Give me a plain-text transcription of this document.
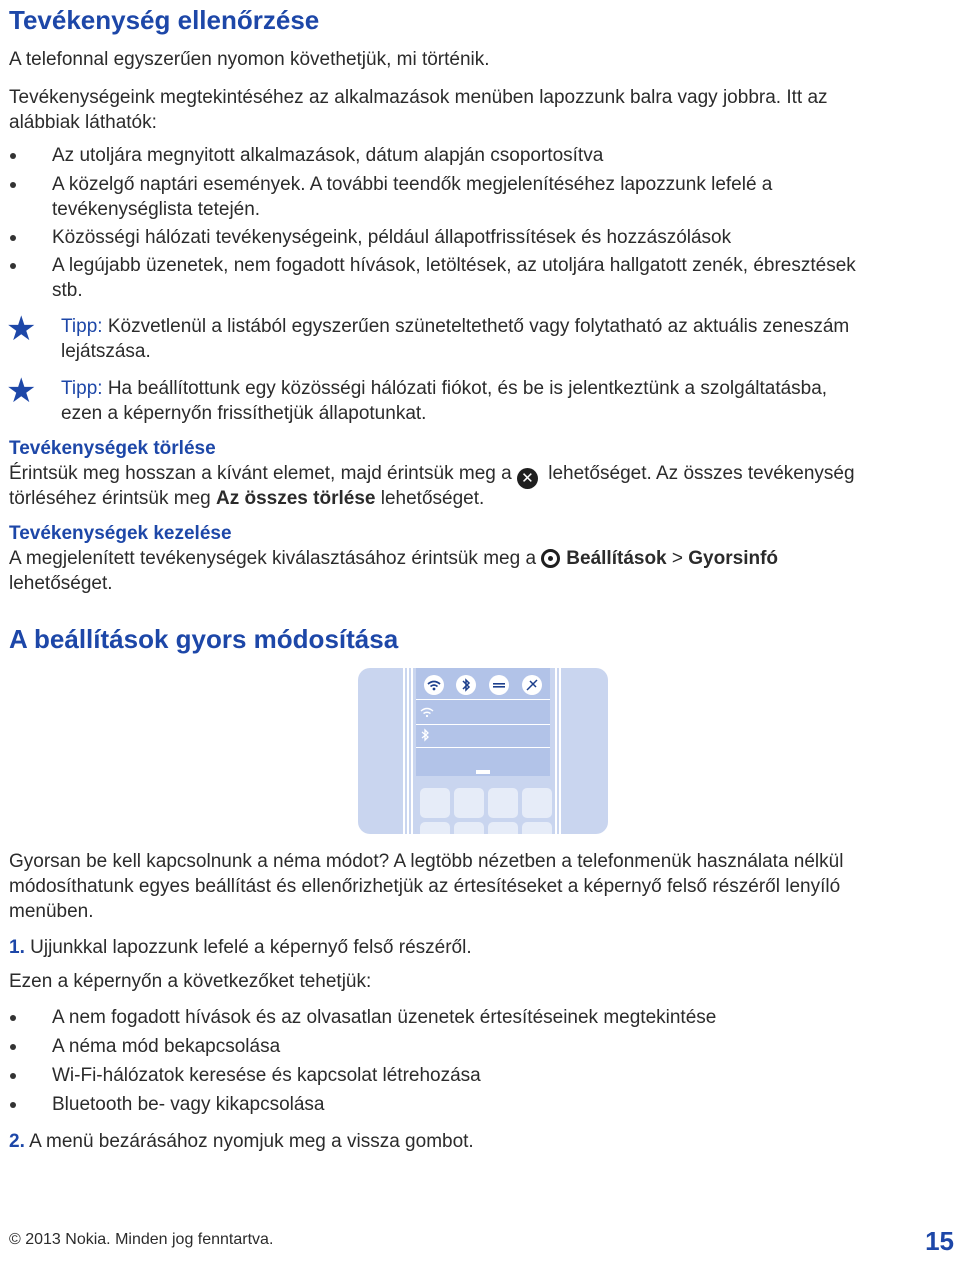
Tevékenység ellenőrzése
A telefonnal egyszerűen nyomon követhetjük, mi történik.
Tevékenységeink megtekintéséhez az alkalmazások menüben lapozzunk balra vagy jobbra. Itt az
alábbiak láthatók:
Az utoljára megnyitott alkalmazások, dátum alapján csoportosítva
A közelgő naptári események. A további teendők megjelenítéséhez lapozzunk lefelé a
tevékenységlista tetején.
Közösségi hálózati tevékenységeink, például állapotfrissítések és hozzászólások
A legújabb üzenetek, nem fogadott hívások, letöltések, az utoljára hallgatott zenék, ébresztések
stb.
★ Tipp: Közvetlenül a listából egyszerűen szüneteltethető vagy folytatható az aktuális zeneszám
lejátszása.
★ Tipp: Ha beállítottunk egy közösségi hálózati fiókot, és be is jelentkeztünk a szolgáltatásba,
ezen a képernyőn frissíthetjük állapotunkat.
Tevékenységek törlése
Érintsük meg hosszan a kívánt elemet, majd érintsük meg a ✕ lehetőséget. Az összes tevékenység
törléséhez érintsük meg Az összes törlése lehetőséget.
Tevékenységek kezelése
A megjelenített tevékenységek kiválasztásához érintsük meg a Beállítások > Gyorsinfó
lehetőséget.
A beállítások gyors módosítása
Gyorsan be kell kapcsolnunk a néma módot? A legtöbb nézetben a telefonmenük használata nélkül
módosíthatunk egyes beállítást és ellenőrizhetjük az értesítéseket a képernyő felső részéről lenyíló
menüben.
1. Ujjunkkal lapozzunk lefelé a képernyő felső részéről.
Ezen a képernyőn a következőket tehetjük:
A nem fogadott hívások és az olvasatlan üzenetek értesítéseinek megtekintése
A néma mód bekapcsolása
Wi-Fi-hálózatok keresése és kapcsolat létrehozása
Bluetooth be- vagy kikapcsolása
2. A menü bezárásához nyomjuk meg a vissza gombot.
© 2013 Nokia. Minden jog fenntartva.	15
